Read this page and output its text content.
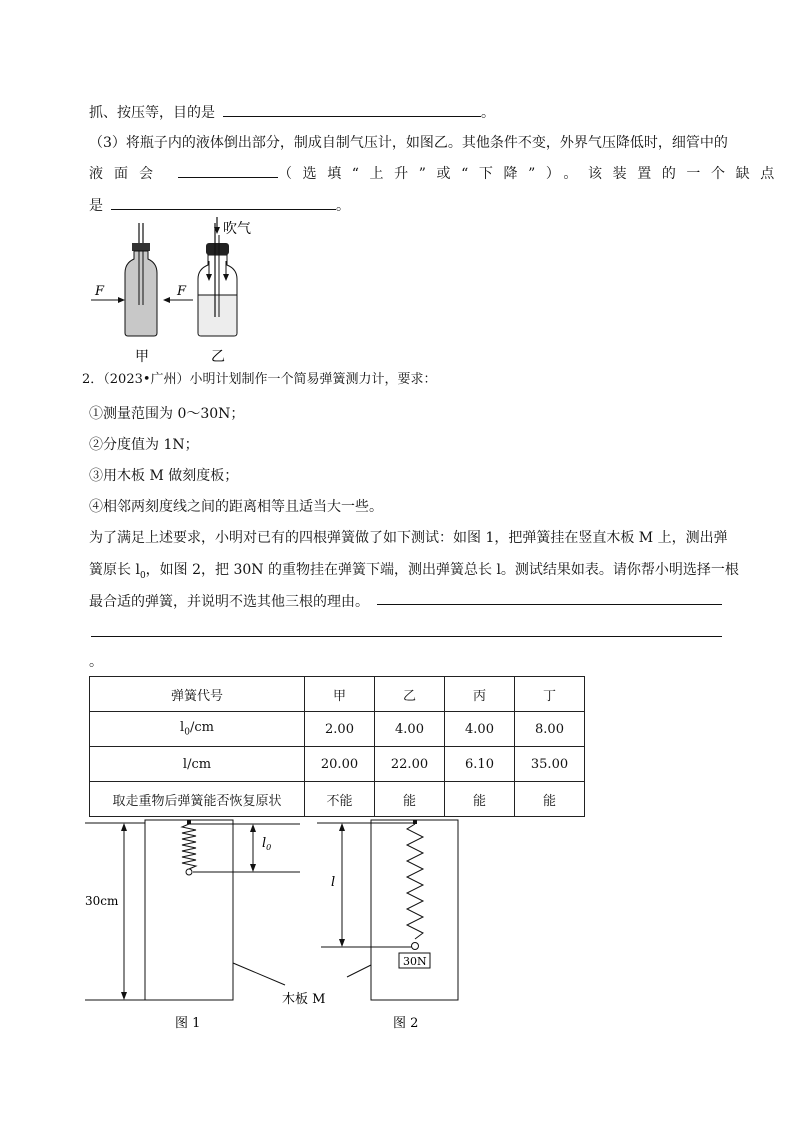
抓、按压等，目的是	。
（3）将瓶子内的液体倒出部分，制成自制气压计，如图乙。其他条件不变，外界气压降低时，细管中的
液面会	（选填“上升”或“下降”）。该装置的一个缺点
是	。
F	F
吹气
甲	乙
2．（2023•广州）小明计划制作一个简易弹簧测力计，要求：
①测量范围为 0～30N；
②分度值为 1N；
③用木板 M 做刻度板；
④相邻两刻度线之间的距离相等且适当大一些。
为了满足上述要求，小明对已有的四根弹簧做了如下测试：如图 1，把弹簧挂在竖直木板 M 上，测出弹
簧原长 $l_0$，如图 2，把 30N 的重物挂在弹簧下端，测出弹簧总长 l。测试结果如表。请你帮小明选择一根
最合适的弹簧，并说明不选其他三根的理由。
。
弹簧代号	甲	乙	丙	丁
$l_0/cm$	2.00	4.00	4.00	8.00
l/cm	20.00	22.00	6.10	35.00
取走重物后弹簧能否恢复原状	不能	能	能	能
30cm
$l_0$
图 1
l
30N
木板 M
图 2
